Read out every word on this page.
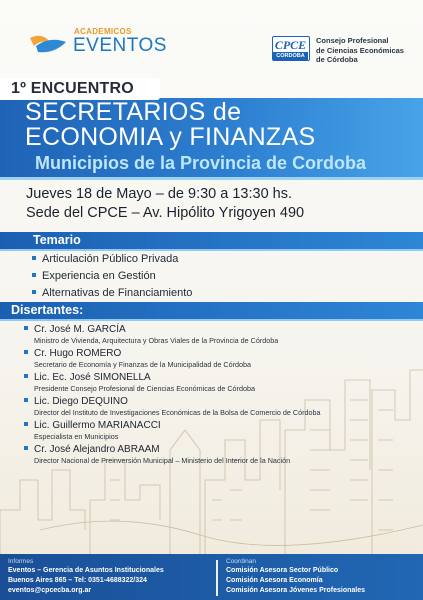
ACADEMICOS
EVENTOS	CPCE
CORDOBA
Consejo Profesional
de Ciencias Económicas
de Córdoba
1º ENCUENTRO
SECRETARIOS de
ECONOMIA y FINANZAS
Municipios de la Provincia de Cordoba
Jueves 18 de Mayo – de 9:30 a 13:30 hs.
Sede del CPCE – Av. Hipólito Yrigoyen 490
Temario
Articulación Público Privada
Experiencia en Gestión
Alternativas de Financiamiento
Disertantes:
Cr. José M. GARCÍA
Ministro de Vivienda, Arquitectura y Obras Viales de la Provincia de Córdoba
Cr. Hugo ROMERO
Secretario de Economía y Finanzas de la Municipalidad de Córdoba
Lic. Ec. José SIMONELLA
Presidente Consejo Profesional de Ciencias Económicas de Córdoba
Lic. Diego DEQUINO
Director del Instituto de Investigaciones Económicas de la Bolsa de Comercio de Córdoba
Lic. Guillermo MARIANACCI
Especialista en Municipios
Cr. José Alejandro ABRAAM
Director Nacional de Preinversión Municipal – Ministerio del Interior de la Nación
Informes
Eventos – Gerencia de Asuntos Institucionales
Buenos Aires 865 – Tel: 0351-4688322/324
eventos@cpcecba.org.ar
Coordinan
Comisión Asesora Sector Público
Comisión Asesora Economía
Comisión Asesora Jóvenes Profesionales
